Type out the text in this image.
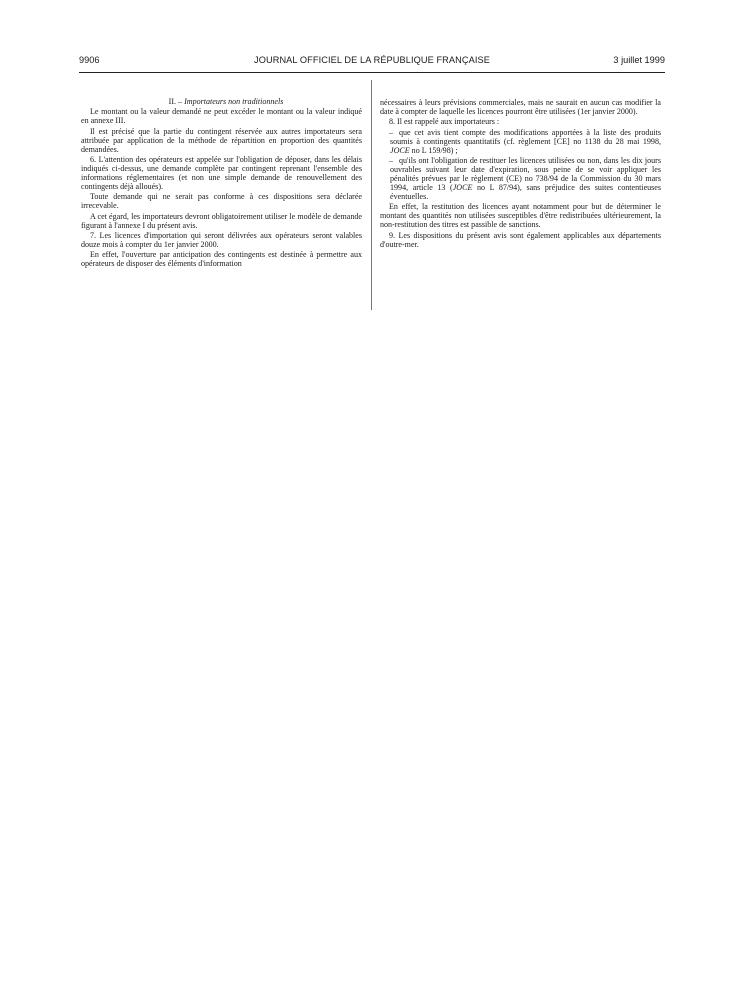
9906	JOURNAL OFFICIEL DE LA RÉPUBLIQUE FRANÇAISE	3 juillet 1999

II. – Importateurs non traditionnels

Le montant ou la valeur demandé ne peut excéder le montant ou la valeur indiqué en annexe III.

Il est précisé que la partie du contingent réservée aux autres importateurs sera attribuée par application de la méthode de répartition en proportion des quantités demandées.

6. L'attention des opérateurs est appelée sur l'obligation de déposer, dans les délais indiqués ci-dessus, une demande complète par contingent reprenant l'ensemble des informations réglementaires (et non une simple demande de renouvellement des contingents déjà alloués).

Toute demande qui ne serait pas conforme à ces dispositions sera déclarée irrecevable.

A cet égard, les importateurs devront obligatoirement utiliser le modèle de demande figurant à l'annexe I du présent avis.

7. Les licences d'importation qui seront délivrées aux opérateurs seront valables douze mois à compter du 1er janvier 2000.

En effet, l'ouverture par anticipation des contingents est destinée à permettre aux opérateurs de disposer des éléments d'information

nécessaires à leurs prévisions commerciales, mais ne saurait en aucun cas modifier la date à compter de laquelle les licences pourront être utilisées (1er janvier 2000).

8. Il est rappelé aux importateurs :

– que cet avis tient compte des modifications apportées à la liste des produits soumis à contingents quantitatifs (cf. règlement [CE] no 1138 du 28 mai 1998, JOCE no L 159/98) ;

– qu'ils ont l'obligation de restituer les licences utilisées ou non, dans les dix jours ouvrables suivant leur date d'expiration, sous peine de se voir appliquer les pénalités prévues par le règlement (CE) no 738/94 de la Commission du 30 mars 1994, article 13 (JOCE no L 87/94), sans préjudice des suites contentieuses éventuelles.

En effet, la restitution des licences ayant notamment pour but de déterminer le montant des quantités non utilisées susceptibles d'être redistribuées ultérieurement, la non-restitution des titres est passible de sanctions.

9. Les dispositions du présent avis sont également applicables aux départements d'outre-mer.
